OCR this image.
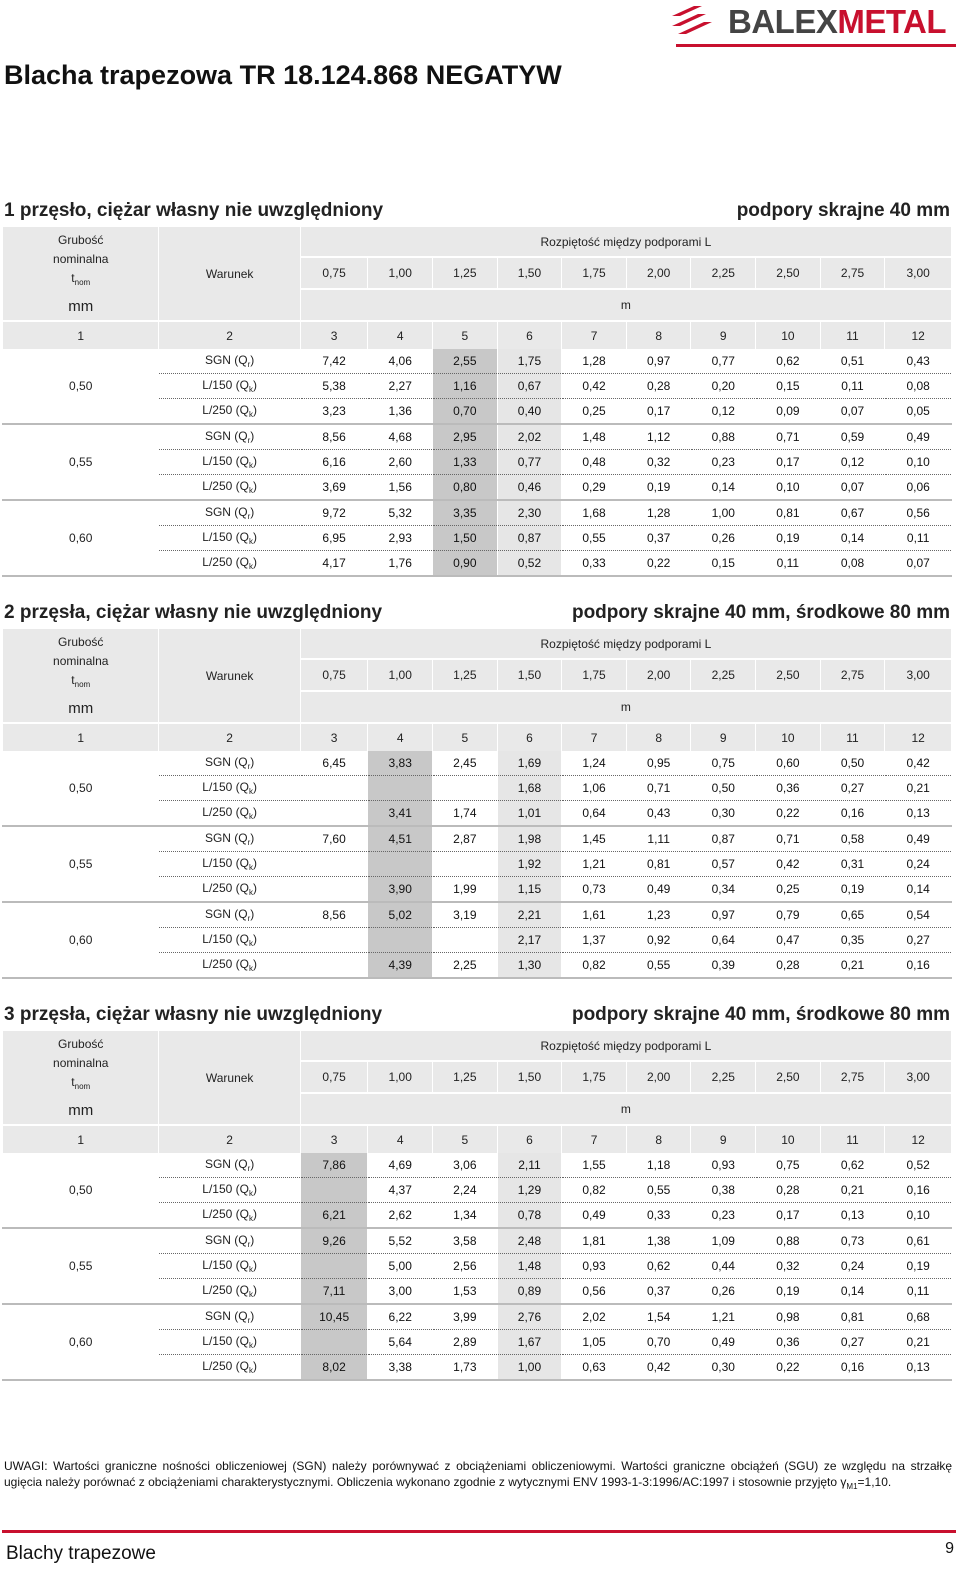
BALEXMETAL
Blacha trapezowa TR 18.124.868 NEGATYW
1 przęsło, ciężar własny nie uwzględniony	podpory skrajne 40 mm
Grubość
nominalna
$t_{nom}$
mm	Warunek	Rozpiętość między podporami L									
		0,75	1,00	1,25	1,50	1,75	2,00	2,25	2,50	2,75	3,00
		m									
1	2	3	4	5	6	7	8	9	10	11	12
0,50	SGN $(Q_r)$	7,42	4,06	2,55	1,75	1,28	0,97	0,77	0,62	0,51	0,43
	L/150 $(Q_k)$	5,38	2,27	1,16	0,67	0,42	0,28	0,20	0,15	0,11	0,08
	L/250 $(Q_k)$	3,23	1,36	0,70	0,40	0,25	0,17	0,12	0,09	0,07	0,05
0,55	SGN $(Q_r)$	8,56	4,68	2,95	2,02	1,48	1,12	0,88	0,71	0,59	0,49
	L/150 $(Q_k)$	6,16	2,60	1,33	0,77	0,48	0,32	0,23	0,17	0,12	0,10
	L/250 $(Q_k)$	3,69	1,56	0,80	0,46	0,29	0,19	0,14	0,10	0,07	0,06
0,60	SGN $(Q_r)$	9,72	5,32	3,35	2,30	1,68	1,28	1,00	0,81	0,67	0,56
	L/150 $(Q_k)$	6,95	2,93	1,50	0,87	0,55	0,37	0,26	0,19	0,14	0,11
	L/250 $(Q_k)$	4,17	1,76	0,90	0,52	0,33	0,22	0,15	0,11	0,08	0,07
2 przęsła, ciężar własny nie uwzględniony	podpory skrajne 40 mm, środkowe 80 mm
Grubość
nominalna
$t_{nom}$
mm	Warunek	Rozpiętość między podporami L									
		0,75	1,00	1,25	1,50	1,75	2,00	2,25	2,50	2,75	3,00
		m									
1	2	3	4	5	6	7	8	9	10	11	12
0,50	SGN $(Q_r)$	6,45	3,83	2,45	1,69	1,24	0,95	0,75	0,60	0,50	0,42
	L/150 $(Q_k)$				1,68	1,06	0,71	0,50	0,36	0,27	0,21
	L/250 $(Q_k)$		3,41	1,74	1,01	0,64	0,43	0,30	0,22	0,16	0,13
0,55	SGN $(Q_r)$	7,60	4,51	2,87	1,98	1,45	1,11	0,87	0,71	0,58	0,49
	L/150 $(Q_k)$				1,92	1,21	0,81	0,57	0,42	0,31	0,24
	L/250 $(Q_k)$		3,90	1,99	1,15	0,73	0,49	0,34	0,25	0,19	0,14
0,60	SGN $(Q_r)$	8,56	5,02	3,19	2,21	1,61	1,23	0,97	0,79	0,65	0,54
	L/150 $(Q_k)$				2,17	1,37	0,92	0,64	0,47	0,35	0,27
	L/250 $(Q_k)$		4,39	2,25	1,30	0,82	0,55	0,39	0,28	0,21	0,16
3 przęsła, ciężar własny nie uwzględniony	podpory skrajne 40 mm, środkowe 80 mm
Grubość
nominalna
$t_{nom}$
mm	Warunek	Rozpiętość między podporami L									
		0,75	1,00	1,25	1,50	1,75	2,00	2,25	2,50	2,75	3,00
		m									
1	2	3	4	5	6	7	8	9	10	11	12
0,50	SGN $(Q_r)$	7,86	4,69	3,06	2,11	1,55	1,18	0,93	0,75	0,62	0,52
	L/150 $(Q_k)$		4,37	2,24	1,29	0,82	0,55	0,38	0,28	0,21	0,16
	L/250 $(Q_k)$	6,21	2,62	1,34	0,78	0,49	0,33	0,23	0,17	0,13	0,10
0,55	SGN $(Q_r)$	9,26	5,52	3,58	2,48	1,81	1,38	1,09	0,88	0,73	0,61
	L/150 $(Q_k)$		5,00	2,56	1,48	0,93	0,62	0,44	0,32	0,24	0,19
	L/250 $(Q_k)$	7,11	3,00	1,53	0,89	0,56	0,37	0,26	0,19	0,14	0,11
0,60	SGN $(Q_r)$	10,45	6,22	3,99	2,76	2,02	1,54	1,21	0,98	0,81	0,68
	L/150 $(Q_k)$		5,64	2,89	1,67	1,05	0,70	0,49	0,36	0,27	0,21
	L/250 $(Q_k)$	8,02	3,38	1,73	1,00	0,63	0,42	0,30	0,22	0,16	0,13
UWAGI: Wartości graniczne nośności obliczeniowej (SGN) należy porównywać z obciążeniami obliczeniowymi. Wartości graniczne obciążeń (SGU) ze względu na strzałkę ugięcia należy porównać z obciążeniami charakterystycznymi. Obliczenia wykonano zgodnie z wytycznymi ENV 1993-1-3:1996/AC:1997 i stosownie przyjęto $\gamma_{M1}=1,10$.
Blachy trapezowe	9
